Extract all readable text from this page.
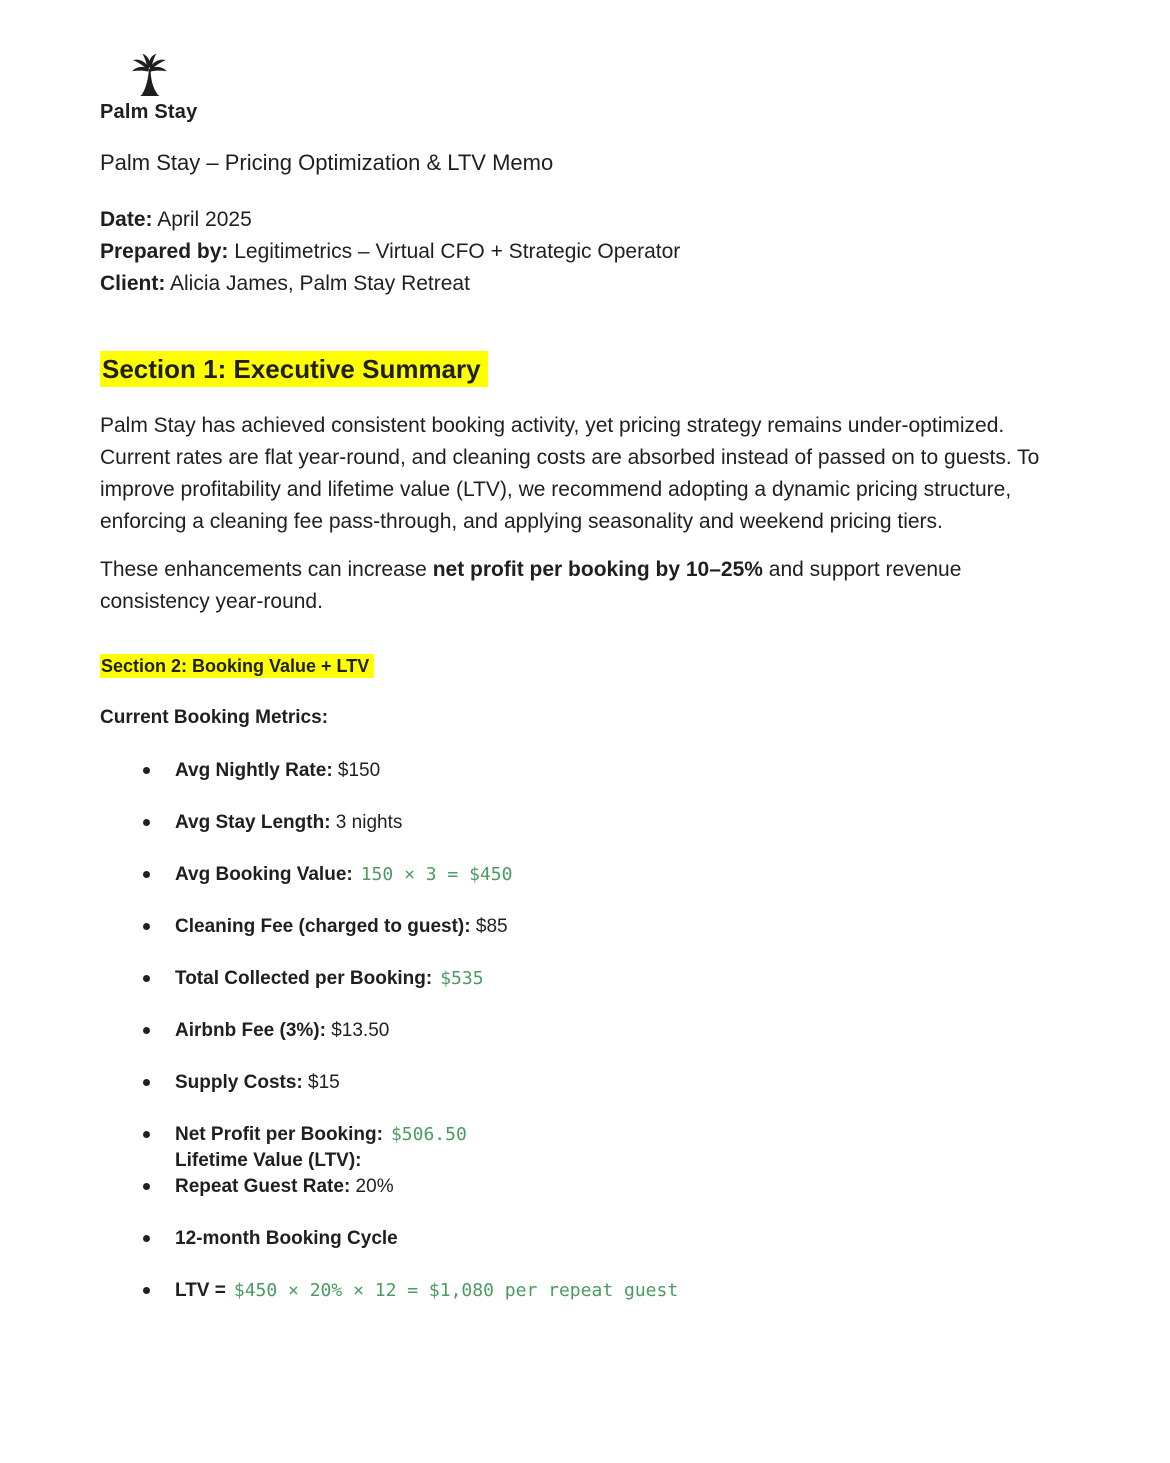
Palm Stay

Palm Stay – Pricing Optimization & LTV Memo

Date: April 2025
Prepared by: Legitimetrics – Virtual CFO + Strategic Operator
Client: Alicia James, Palm Stay Retreat
Section 1: Executive Summary

Palm Stay has achieved consistent booking activity, yet pricing strategy remains under-optimized. Current rates are flat year-round, and cleaning costs are absorbed instead of passed on to guests. To improve profitability and lifetime value (LTV), we recommend adopting a dynamic pricing structure, enforcing a cleaning fee pass-through, and applying seasonality and weekend pricing tiers.

These enhancements can increase net profit per booking by 10–25% and support revenue consistency year-round.

Section 2: Booking Value + LTV
Current Booking Metrics:
Avg Nightly Rate: $150
Avg Stay Length: 3 nights
Avg Booking Value: 150 × 3 = $450
Cleaning Fee (charged to guest): $85
Total Collected per Booking: $535
Airbnb Fee (3%): $13.50
Supply Costs: $15
Net Profit per Booking: $506.50
Lifetime Value (LTV):
Repeat Guest Rate: 20%
12-month Booking Cycle
LTV = $450 × 20% × 12 = $1,080 per repeat guest
